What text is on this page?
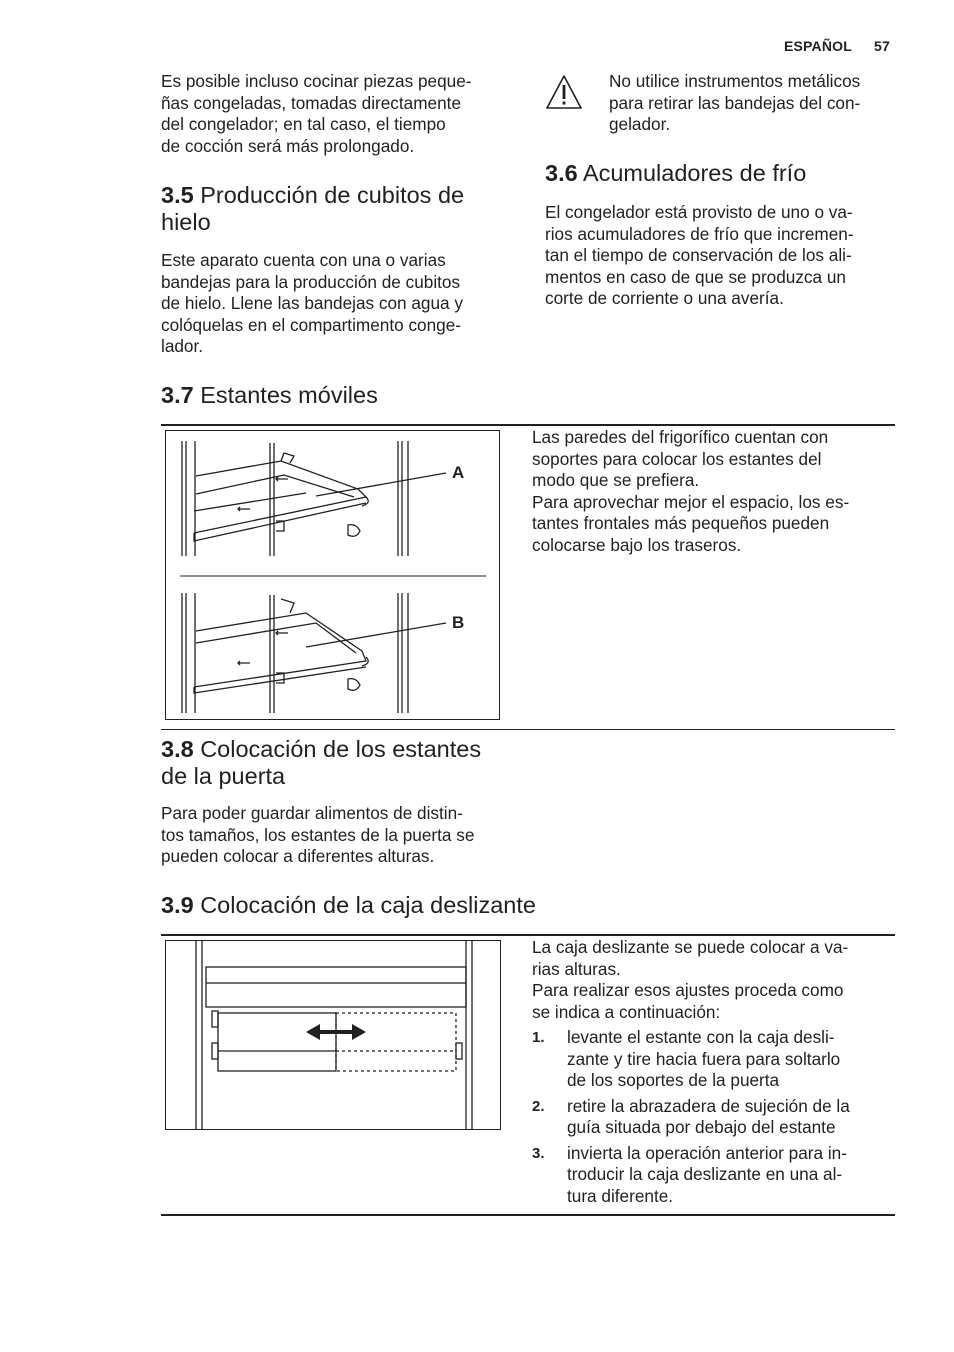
ESPAÑOL 57

Es posible incluso cocinar piezas peque-
ñas congeladas, tomadas directamente
del congelador; en tal caso, el tiempo
de cocción será más prolongado.

No utilice instrumentos metálicos
para retirar las bandejas del con-
gelador.

3.5 Producción de cubitos de
hielo

Este aparato cuenta con una o varias
bandejas para la producción de cubitos
de hielo. Llene las bandejas con agua y
colóquelas en el compartimento conge-
lador.

3.6 Acumuladores de frío

El congelador está provisto de uno o va-
rios acumuladores de frío que incremen-
tan el tiempo de conservación de los ali-
mentos en caso de que se produzca un
corte de corriente o una avería.

3.7 Estantes móviles
A
B

Las paredes del frigorífico cuentan con
soportes para colocar los estantes del
modo que se prefiera.
Para aprovechar mejor el espacio, los es-
tantes frontales más pequeños pueden
colocarse bajo los traseros.

3.8 Colocación de los estantes
de la puerta

Para poder guardar alimentos de distin-
tos tamaños, los estantes de la puerta se
pueden colocar a diferentes alturas.

3.9 Colocación de la caja deslizante

La caja deslizante se puede colocar a va-
rias alturas.
Para realizar esos ajustes proceda como
se indica a continuación:

1. levante el estante con la caja desli-
zante y tire hacia fuera para soltarlo
de los soportes de la puerta
2. retire la abrazadera de sujeción de la
guía situada por debajo del estante
3. invierta la operación anterior para in-
troducir la caja deslizante en una al-
tura diferente.
